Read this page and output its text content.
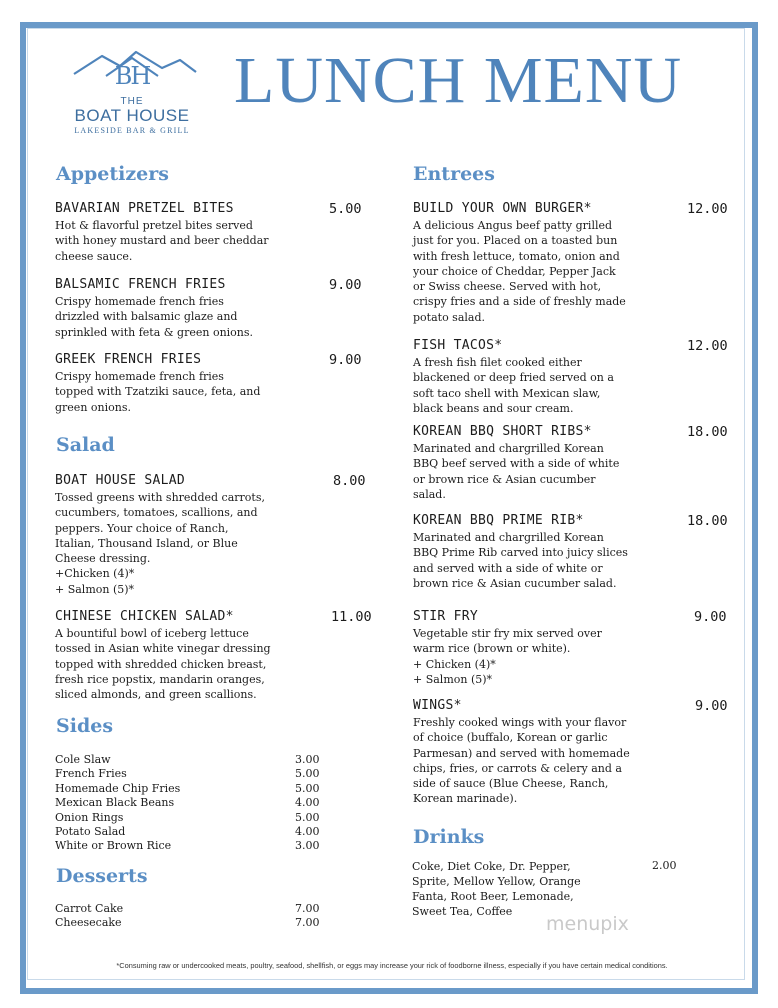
BH
THE
BOAT HOUSE
LAKESIDE BAR & GRILL
LUNCH MENU
Appetizers
BAVARIAN PRETZEL BITES	5.00
Hot & flavorful pretzel bites served
with honey mustard and beer cheddar
cheese sauce.
BALSAMIC FRENCH FRIES	9.00
Crispy homemade french fries
drizzled with balsamic glaze and
sprinkled with feta & green onions.
GREEK FRENCH FRIES	9.00
Crispy homemade french fries
topped with Tzatziki sauce, feta, and
green onions.
Salad
BOAT HOUSE SALAD	8.00
Tossed greens with shredded carrots,
cucumbers, tomatoes, scallions, and
peppers. Your choice of Ranch,
Italian, Thousand Island, or Blue
Cheese dressing.
+Chicken (4)*
+ Salmon (5)*
CHINESE CHICKEN SALAD*	11.00
A bountiful bowl of iceberg lettuce
tossed in Asian white vinegar dressing
topped with shredded chicken breast,
fresh rice popstix, mandarin oranges,
sliced almonds, and green scallions.
Sides
Cole Slaw	3.00
French Fries	5.00
Homemade Chip Fries	5.00
Mexican Black Beans	4.00
Onion Rings	5.00
Potato Salad	4.00
White or Brown Rice	3.00
Desserts
Carrot Cake	7.00
Cheesecake	7.00
Entrees
BUILD YOUR OWN BURGER*	12.00
A delicious Angus beef patty grilled
just for you. Placed on a toasted bun
with fresh lettuce, tomato, onion and
your choice of Cheddar, Pepper Jack
or Swiss cheese. Served with hot,
crispy fries and a side of freshly made
potato salad.
FISH TACOS*	12.00
A fresh fish filet cooked either
blackened or deep fried served on a
soft taco shell with Mexican slaw,
black beans and sour cream.
KOREAN BBQ SHORT RIBS*	18.00
Marinated and chargrilled Korean
BBQ beef served with a side of white
or brown rice & Asian cucumber
salad.
KOREAN BBQ PRIME RIB*	18.00
Marinated and chargrilled Korean
BBQ Prime Rib carved into juicy slices
and served with a side of white or
brown rice & Asian cucumber salad.
STIR FRY	9.00
Vegetable stir fry mix served over
warm rice (brown or white).
+ Chicken (4)*
+ Salmon (5)*
WINGS*	9.00
Freshly cooked wings with your flavor
of choice (buffalo, Korean or garlic
Parmesan) and served with homemade
chips, fries, or carrots & celery and a
side of sauce (Blue Cheese, Ranch,
Korean marinade).
Drinks
Coke, Diet Coke, Dr. Pepper,
Sprite, Mellow Yellow, Orange
Fanta, Root Beer, Lemonade,
Sweet Tea, Coffee
2.00
menupix
*Consuming raw or undercooked meats, poultry, seafood, shellfish, or eggs may increase your rick of foodborne illness, especially if you have certain medical conditions.
